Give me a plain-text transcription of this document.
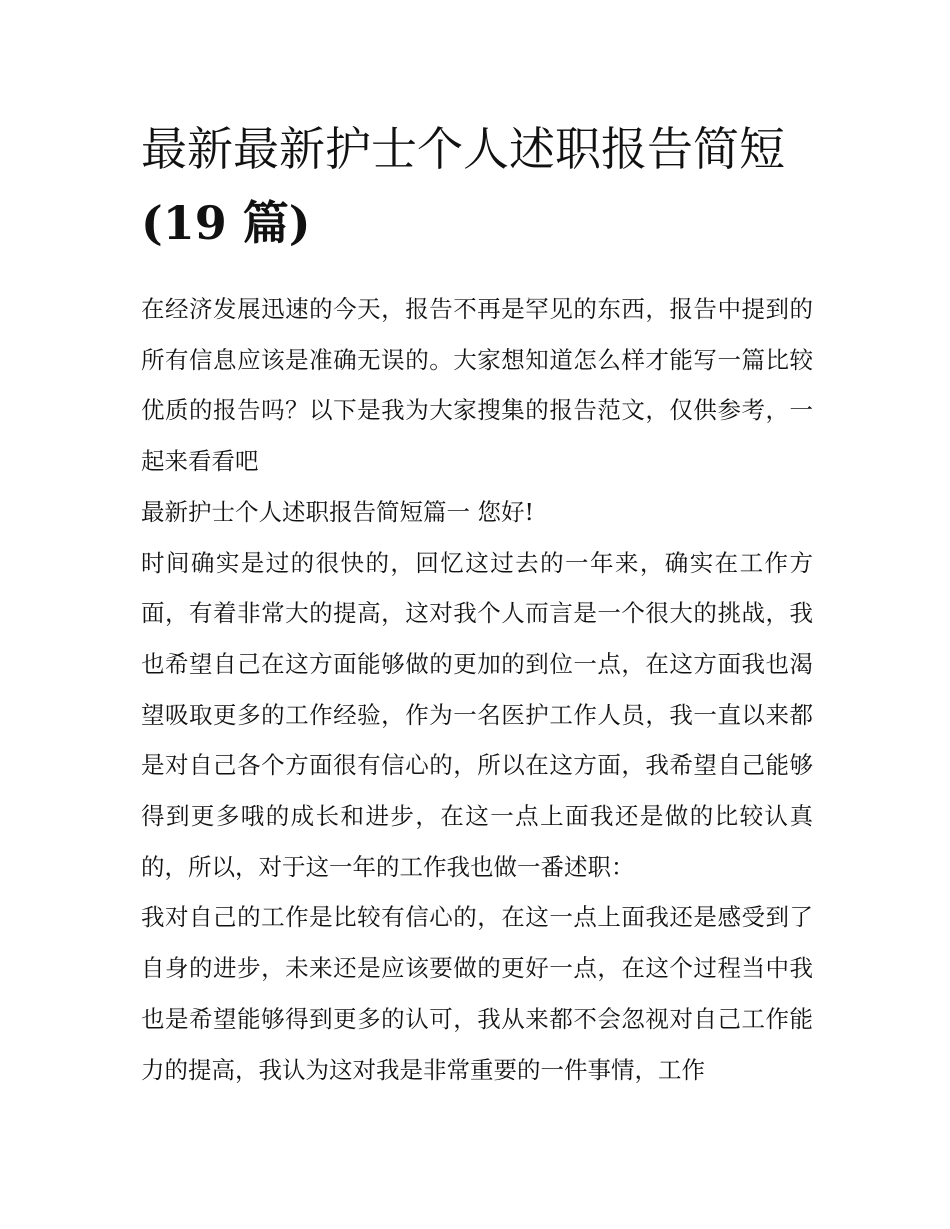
最新最新护士个人述职报告简短(19 篇)

在经济发展迅速的今天，报告不再是罕见的东西，报告中提到的所有信息应该是准确无误的。大家想知道怎么样才能写一篇比较优质的报告吗？以下是我为大家搜集的报告范文，仅供参考，一起来看看吧

最新护士个人述职报告简短篇一 您好!

时间确实是过的很快的，回忆这过去的一年来，确实在工作方面，有着非常大的提高，这对我个人而言是一个很大的挑战，我也希望自己在这方面能够做的更加的到位一点，在这方面我也渴望吸取更多的工作经验，作为一名医护工作人员，我一直以来都是对自己各个方面很有信心的，所以在这方面，我希望自己能够得到更多哦的成长和进步，在这一点上面我还是做的比较认真的，所以，对于这一年的工作我也做一番述职：

我对自己的工作是比较有信心的，在这一点上面我还是感受到了自身的进步，未来还是应该要做的更好一点，在这个过程当中我也是希望能够得到更多的认可，我从来都不会忽视对自己工作能力的提高，我认为这对我是非常重要的一件事情，工作
